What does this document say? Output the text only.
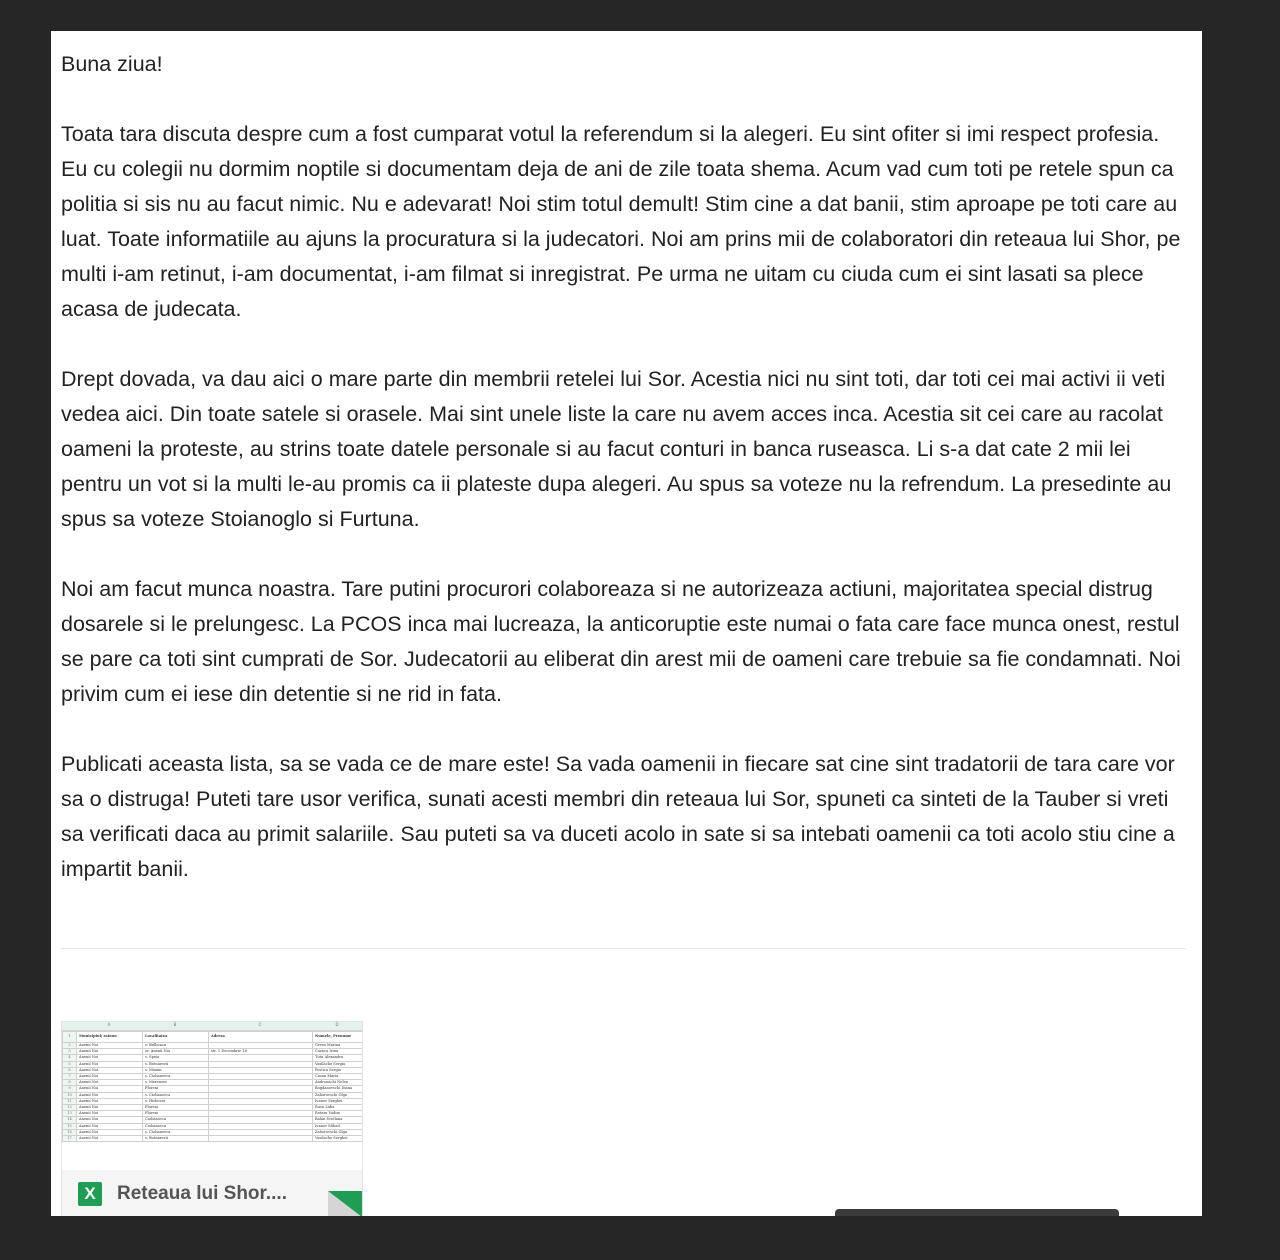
Buna ziua!

Toata tara discuta despre cum a fost cumparat votul la referendum si la alegeri. Eu sint ofiter si imi respect profesia. Eu cu colegii nu dormim noptile si documentam deja de ani de zile toata shema. Acum vad cum toti pe retele spun ca politia si sis nu au facut nimic. Nu e adevarat! Noi stim totul demult! Stim cine a dat banii, stim aproape pe toti care au luat. Toate informatiile au ajuns la procuratura si la judecatori. Noi am prins mii de colaboratori din reteaua lui Shor, pe multi i-am retinut, i-am documentat, i-am filmat si inregistrat. Pe urma ne uitam cu ciuda cum ei sint lasati sa plece acasa de judecata.

Drept dovada, va dau aici o mare parte din membrii retelei lui Sor. Acestia nici nu sint toti, dar toti cei mai activi ii veti vedea aici. Din toate satele si orasele. Mai sint unele liste la care nu avem acces inca. Acestia sit cei care au racolat oameni la proteste, au strins toate datele personale si au facut conturi in banca ruseasca. Li s-a dat cate 2 mii lei pentru un vot si la multi le-au promis ca ii plateste dupa alegeri. Au spus sa voteze nu la refrendum. La presedinte au spus sa voteze Stoianoglo si Furtuna.

Noi am facut munca noastra. Tare putini procurori colaboreaza si ne autorizeaza actiuni, majoritatea special distrug dosarele si le prelungesc. La PCOS inca mai lucreaza, la anticoruptie este numai o fata care face munca onest, restul se pare ca toti sint cumprati de Sor. Judecatorii au eliberat din arest mii de oameni care trebuie sa fie condamnati. Noi privim cum ei iese din detentie si ne rid in fata.

Publicati aceasta lista, sa se vada ce de mare este! Sa vada oamenii in fiecare sat cine sint tradatorii de tara care vor sa o distruga! Puteti tare usor verifica, sunati acesti membri din reteaua lui Sor, spuneti ca sinteti de la Tauber si vreti sa verificati daca au primit salariile. Sau puteti sa va duceti acolo in sate si sa intebati oamenii ca toti acolo stiu cine a impartit banii.

A	B	C	D
1	Municipiul/ raionu	Localitatea	Adresa	Numele, Prenume	
2	Anenii Noi	s. Bulboaca		Gresu Marina	
3	Anenii Noi	or. Anenii Noi	str. 1 Decembrie 18	Cazacu Irina	
4	Anenii Noi	s. Speia		Tutu Alexandru	
5	Anenii Noi	s. Botnaresti		Vasilache Sergiu	
6	Anenii Noi	s. Maxim		Postica Sergiu	
7	Anenii Noi	s. Ciobanovca		Cazan Maria	
8	Anenii Noi	s. Mereneni		Andronachi Nelea	
9	Anenii Noi	Floreni		Bogdanovschi Diana	
10	Anenii Noi	s. Ciobanovca		Zahorovschi Olga	
11	Anenii Noi	s. Hirbovat		Ivanov Serghei	
12	Anenii Noi	Floreni		Rusu Lidia	
13	Anenii Noi	Floreni		Rotaru Vadim	
14	Anenii Noi	Ciobanovca		Balan Svetlana	
15	Anenii Noi	Ciobanovca		Ivanov Mihail	
16	Anenii Noi	s. Ciobanovca		Zahorovschi Olga	
17	Anenii Noi	s. Botnaresti		Vasilache Serghei	
X	Reteaua lui Shor....
